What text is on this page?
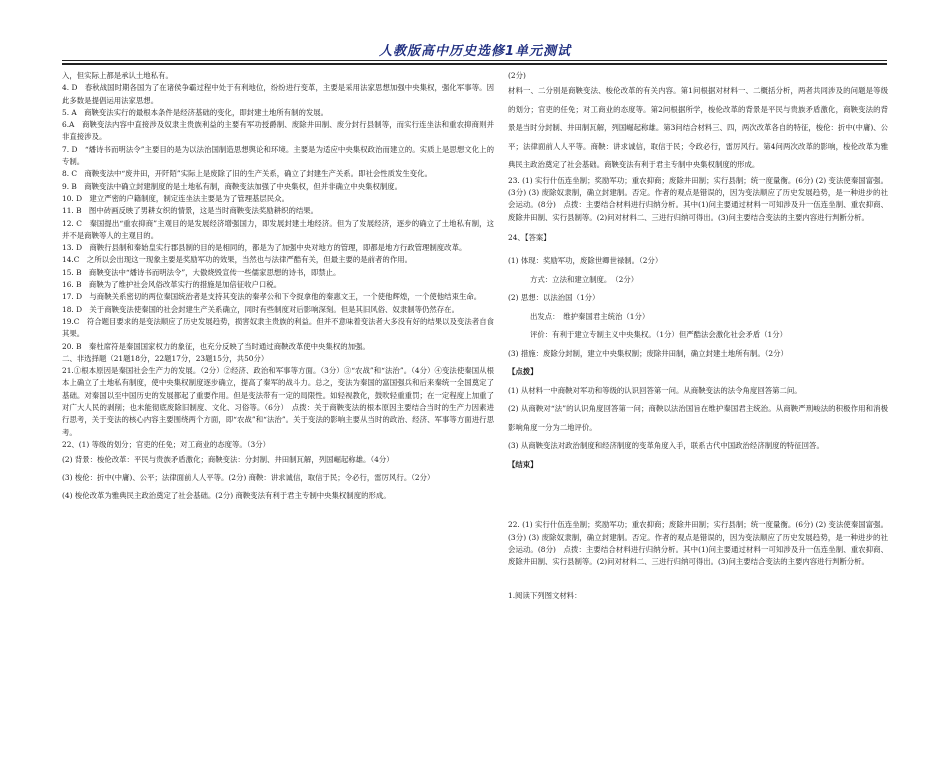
人教版高中历史选修1单元测试

入，但实际上都是承认土地私有。

4. D　春秋战国时期各国为了在诸侯争霸过程中处于有利地位，纷纷进行变革，主要是采用法家思想加强中央集权，强化军事等。因此多数是提倡运用法家思想。

5. A　商鞅变法实行的最根本条件是经济基础的变化，即封建土地所有制的发展。

6.A　商鞅变法内容中直接涉及奴隶主贵族利益的主要有军功授爵制、废除井田制、废分封行县制等，而实行连坐法和重农抑商则并非直接涉及。

7. D　“燔诗书而明法令”主要目的是为以法治国制造思想舆论和环境。主要是为适应中央集权政治而建立的。实质上是思想文化上的专制。

8. C　商鞅变法中“废井田，开阡陌”实际上是废除了旧的生产关系，确立了封建生产关系。即社会性质发生变化。

9. B　商鞅变法中确立封建制度的是土地私有制，商鞅变法加强了中央集权，但并非确立中央集权制度。

10. D　建立严密的户籍制度，制定连坐法主要是为了管理基层民众。

11. B　图中砖画反映了男耕女织的情景，这是当时商鞅变法奖励耕织的结果。

12. C　秦国提出“重农抑商”主观目的是发展经济增强国力，即发展封建土地经济。但为了发展经济，逐步的确立了土地私有制，这并不是商鞅等人的主观目的。

13. D　商鞅行县制和秦始皇实行郡县制的目的是相同的，都是为了加强中央对地方的管理，即都是地方行政管理制度改革。

14.C　之所以会出现这一现象主要是奖励军功的效果，当然也与法律严酷有关，但最主要的是前者的作用。

15. B　商鞅变法中“燔诗书而明法令”，大傲烧毁宣传一些儒家思想的诗书，即禁止。

16. B　商鞅为了维护社会风俗改革实行的措施是加倍征收户口税。

17. D　与商鞅关系密切的两位秦国统治者是支持其变法的秦孝公和下令捉拿他的秦惠文王，一个使他辉煌，一个使他结束生命。

18. D　关于商鞅变法使秦国的社会封建生产关系确立，同时有些制度对后影响深刻。但是其旧风俗、奴隶制等仍然存在。

19.C　符合题目要求的是变法顺应了历史发展趋势，损害奴隶主贵族的利益。但并不意味着变法者大多没有好的结果以及变法者自食其果。

20. B　秦杜席符是秦国国家权力的象征，也充分反映了当时通过商鞅改革使中央集权的加强。

二、非选择题（21题18分，22题17分，23题15分，共50分）

21.①根本原因是秦国社会生产力的发展。（2分）②经济、政治和军事等方面。（3分）③“农战”和“法治”。（4分）④变法使秦国从根本上确立了土地私有制度，使中央集权制度逐步确立，提高了秦军的战斗力。总之，变法为秦国的富国强兵和后来秦统一全国奠定了基础。对秦国以至中国历史的发展都起了重要作用。但是变法带有一定的局限性。如轻视教化，鼓吹轻重重罚；在一定程度上加重了对广大人民的剥削；也未能彻底废除旧制度、文化、习俗等。（6分）　点拨：关于商鞅变法的根本原因主要结合当时的生产力因素进行思考，关于变法的核心内容主要围绕两个方面，即“农战”和“法治”。关于变法的影响主要从当时的政治、经济、军事等方面进行思考。

22、(1) 等级的划分；官吏的任免；对工商业的态度等。（3分）

(2) 背景：梭伦改革：平民与贵族矛盾激化；商鞅变法：分封制、井田制瓦解，列国崛起称雄。（4分）

(3) 梭伦：折中(中庸)、公平；法律面前人人平等。(2分) 商鞅：讲求诚信，取信于民；令必行，雷厉风行。（2分）

(4) 梭伦改革为雅典民主政治奠定了社会基础。(2分) 商鞅变法有利于君主专制中央集权制度的形成。

(2分)

材料一、二分别是商鞅变法、梭伦改革的有关内容。第1问根据对材料一、二概括分析，两者共同涉及的问题是等级的划分；官吏的任免；对工商业的态度等。第2问根据所学，梭伦改革的背景是平民与贵族矛盾激化，商鞅变法的背景是当时分封制、井田制瓦解，列国崛起称雄。第3问结合材料三、四，两次改革各自的特征，梭伦：折中(中庸)、公平；法律面前人人平等。商鞅：讲求诚信，取信于民；令政必行，雷厉风行。第4问两次改革的影响，梭伦改革为雅典民主政治奠定了社会基础。商鞅变法有利于君主专制中央集权制度的形成。

23. (1) 实行什伍连坐制；奖励军功；重农抑商；废除井田制；实行县制；统一度量衡。(6分) (2) 变法使秦国富强。(3分) (3) 废除奴隶制，确立封建制。否定。作者的观点是错误的，因为变法顺应了历史发展趋势，是一种进步的社会运动。(8分)　点拨：主要结合材料进行归纳分析。其中(1)问主要通过材料一可知涉及升一伍连坐制、重农抑商、废除井田制、实行县制等。(2)问对材料二、三进行归纳可得出。(3)问主要结合变法的主要内容进行判断分析。

24、【答案】

(1) 体现：奖励军功，废除世卿世禄制。（2分）

方式：立法和建立制度。　（2分）

(2) 思想：以法治国（1分）

出发点：　维护秦国君主统治（1分）

评价：有利于建立专制主义中央集权。（1分）但严酷法会激化社会矛盾（1分）

(3) 措施：废除分封制，建立中央集权制；废除井田制，确立封建土地所有制。（2分）

【点拨】

(1) 从材料一中商鞅对军功和等级的认识回答第一问。从商鞅变法的法令角度回答第二问。

(2) 从商鞅对“法”的认识角度回答第一问；商鞅以法治国旨在维护秦国君主统治。从商鞅严刑峻法的积极作用和消极影响角度一分为二地评价。

(3) 从商鞅变法对政治制度和经济制度的变革角度入手，联系古代中国政治经济制度的特征回答。

【结束】

22. (1) 实行什伍连坐制；奖励军功；重农抑商；废除井田制；实行县制；统一度量衡。(6分) (2) 变法使秦国富强。(3分) (3) 废除奴隶制，确立封建制。否定。作者的观点是错误的，因为变法顺应了历史发展趋势，是一种进步的社会运动。(8分)　点拨：主要结合材料进行归纳分析。其中(1)问主要通过材料一可知涉及升一伍连坐制、重农抑商、废除井田制、实行县制等。(2)问对材料二、三进行归纳可得出。(3)问主要结合变法的主要内容进行判断分析。

1.阅读下列图文材料：
